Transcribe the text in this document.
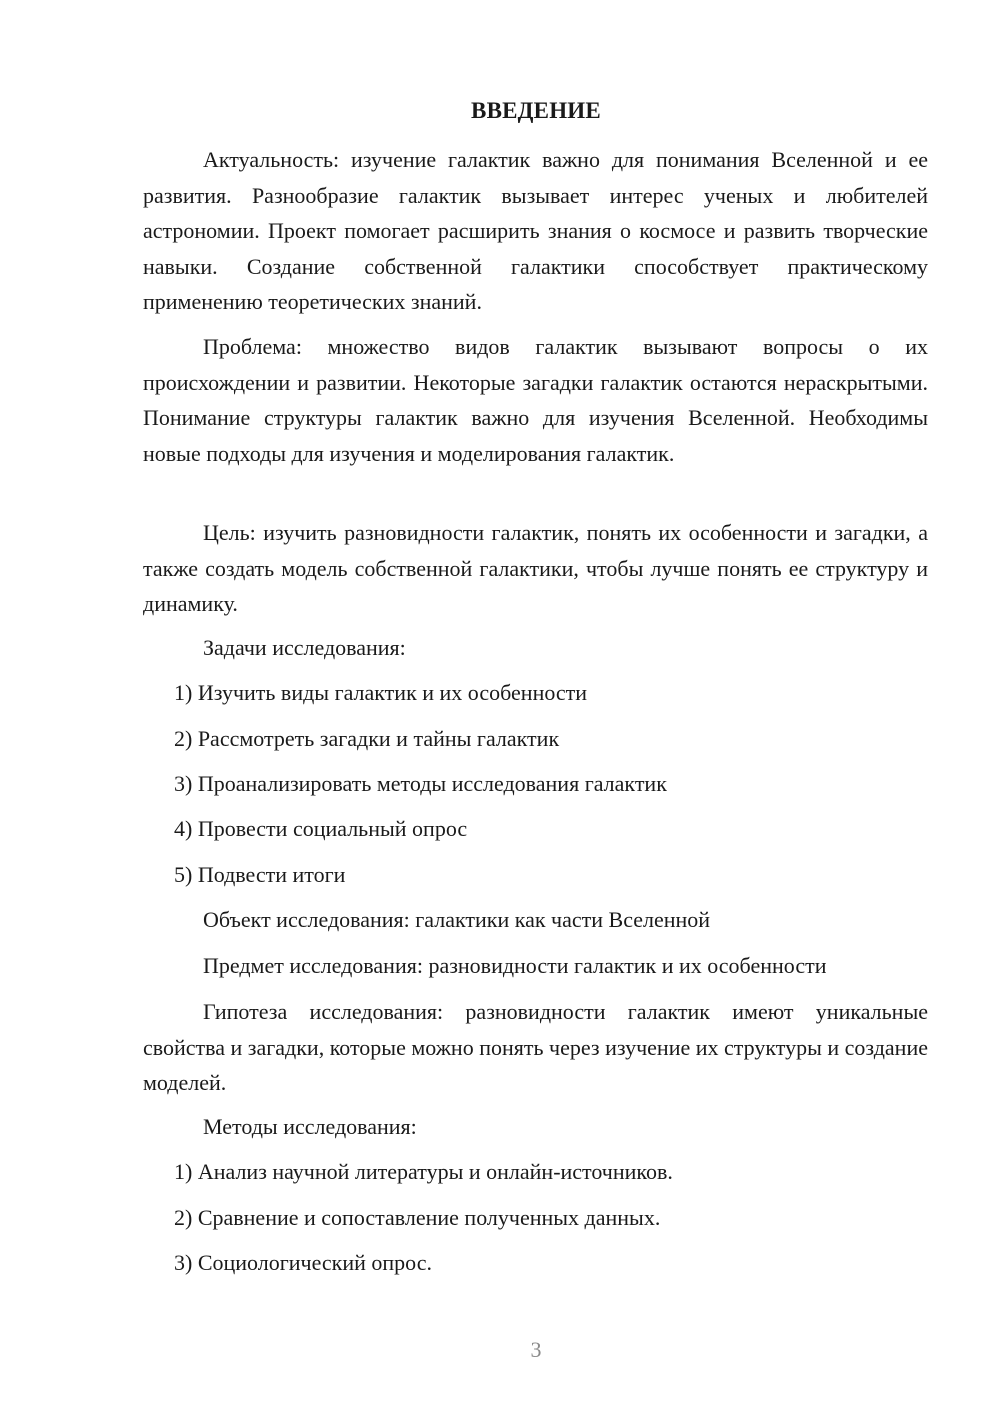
ВВЕДЕНИЕ

Актуальность: изучение галактик важно для понимания Вселенной и ее развития. Разнообразие галактик вызывает интерес ученых и любителей астрономии. Проект помогает расширить знания о космосе и развить творческие навыки. Создание собственной галактики способствует практическому применению теоретических знаний.

Проблема: множество видов галактик вызывают вопросы о их происхождении и развитии. Некоторые загадки галактик остаются нераскрытыми. Понимание структуры галактик важно для изучения Вселенной. Необходимы новые подходы для изучения и моделирования галактик.

Цель: изучить разновидности галактик, понять их особенности и загадки, а также создать модель собственной галактики, чтобы лучше понять ее структуру и динамику.

Задачи исследования:

1) Изучить виды галактик и их особенности

2) Рассмотреть загадки и тайны галактик

3) Проанализировать методы исследования галактик

4) Провести социальный опрос

5) Подвести итоги

Объект исследования: галактики как части Вселенной

Предмет исследования: разновидности галактик и их особенности

Гипотеза исследования: разновидности галактик имеют уникальные свойства и загадки, которые можно понять через изучение их структуры и создание моделей.

Методы исследования:

1) Анализ научной литературы и онлайн-источников.

2) Сравнение и сопоставление полученных данных.

3) Социологический опрос.

3
